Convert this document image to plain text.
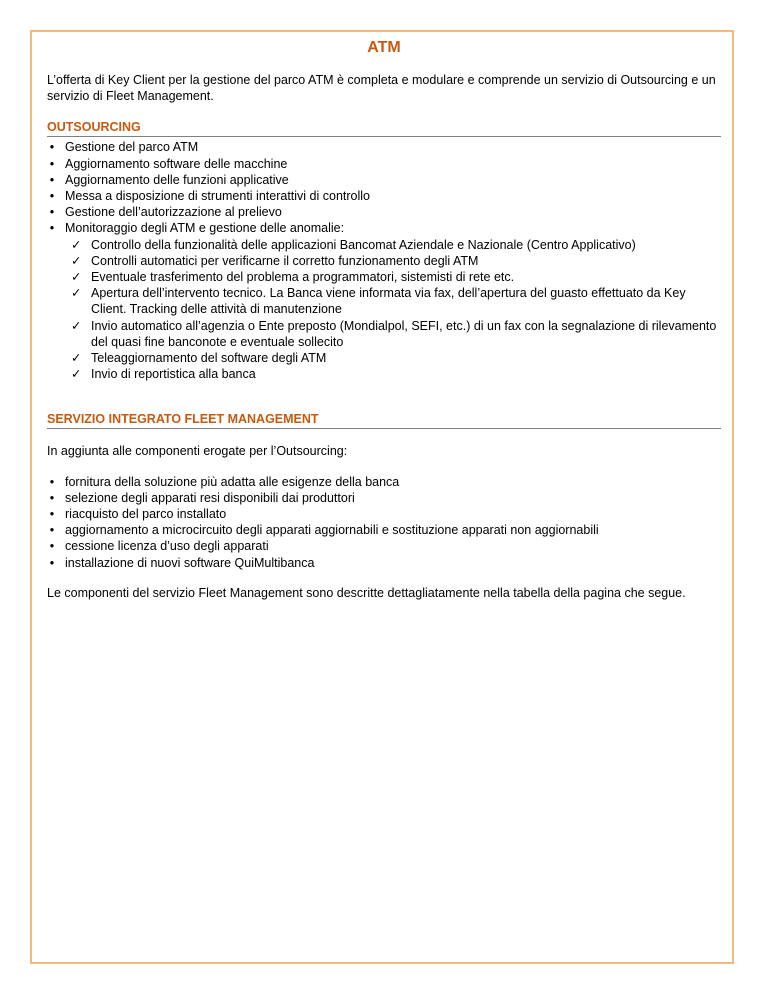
ATM

L’offerta di Key Client per la gestione del parco ATM è completa e modulare e comprende un servizio di Outsourcing e un servizio di Fleet Management.

OUTSOURCING
• Gestione del parco ATM
• Aggiornamento software delle macchine
• Aggiornamento delle funzioni applicative
• Messa a disposizione di strumenti interattivi di controllo
• Gestione dell’autorizzazione al prelievo
• Monitoraggio degli ATM e gestione delle anomalie:
✓ Controllo della funzionalità delle applicazioni Bancomat Aziendale e Nazionale (Centro Applicativo)
✓ Controlli automatici per verificarne il corretto funzionamento degli ATM
✓ Eventuale trasferimento del problema a programmatori, sistemisti di rete etc.
✓ Apertura dell’intervento tecnico. La Banca viene informata via fax, dell’apertura del guasto effettuato da Key Client. Tracking delle attività di manutenzione
✓ Invio automatico all’agenzia o Ente preposto (Mondialpol, SEFI, etc.) di un fax con la segnalazione di rilevamento del quasi fine banconote e eventuale sollecito
✓ Teleaggiornamento del software degli ATM
✓ Invio di reportistica alla banca
SERVIZIO INTEGRATO FLEET MANAGEMENT

In aggiunta alle componenti erogate per l’Outsourcing:

• fornitura della soluzione più adatta alle esigenze della banca
• selezione degli apparati resi disponibili dai produttori
• riacquisto del parco installato
• aggiornamento a microcircuito degli apparati aggiornabili e sostituzione apparati non aggiornabili
• cessione licenza d’uso degli apparati
• installazione di nuovi software QuiMultibanca

Le componenti del servizio Fleet Management sono descritte dettagliatamente nella tabella della pagina che segue.
